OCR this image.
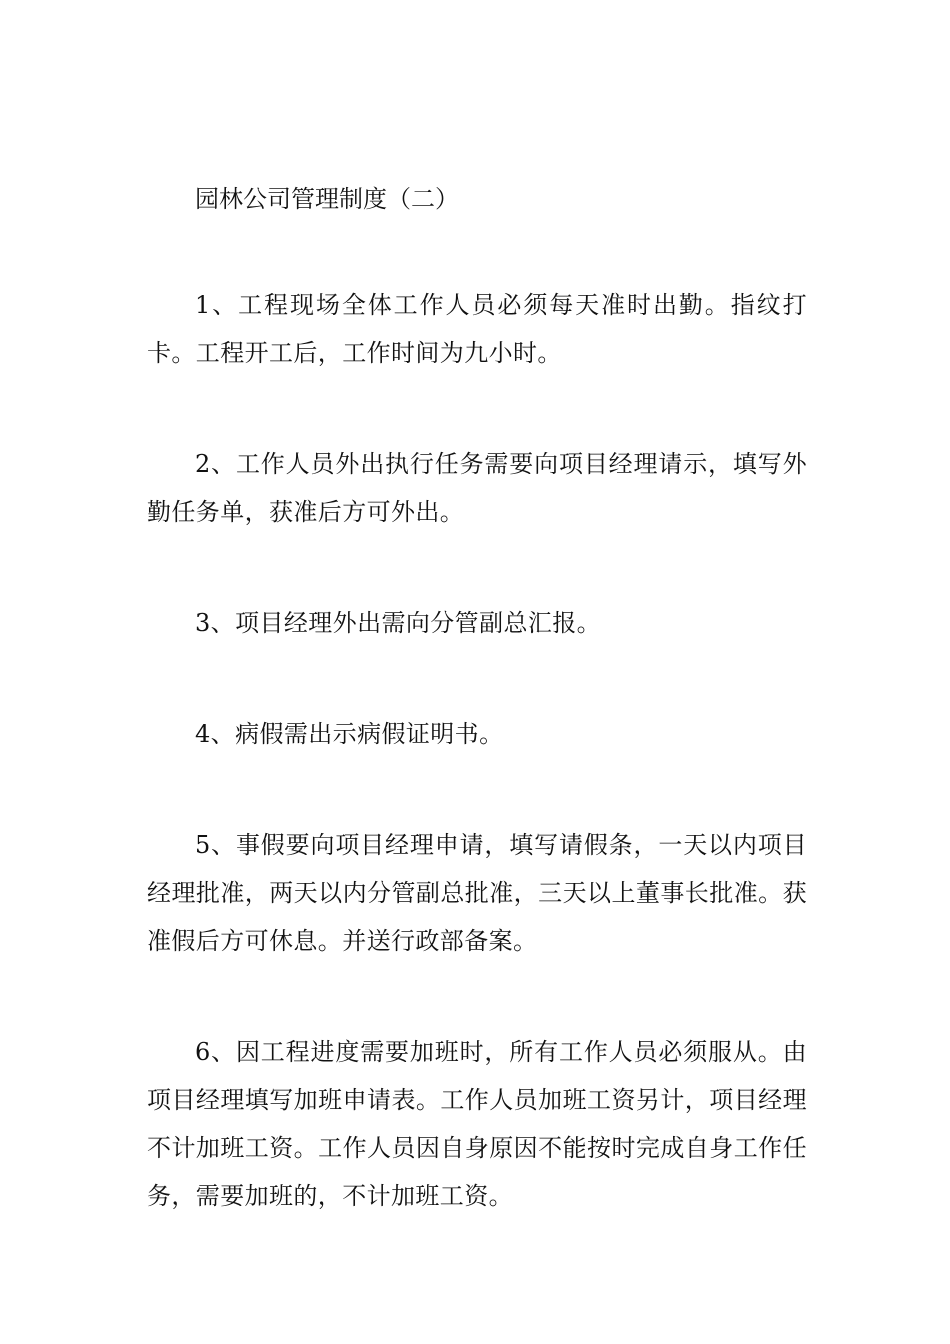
园林公司管理制度（二）

1、工程现场全体工作人员必须每天准时出勤。指纹打卡。工程开工后，工作时间为九小时。

2、工作人员外出执行任务需要向项目经理请示，填写外勤任务单，获准后方可外出。

3、项目经理外出需向分管副总汇报。

4、病假需出示病假证明书。

5、事假要向项目经理申请，填写请假条，一天以内项目经理批准，两天以内分管副总批准，三天以上董事长批准。获准假后方可休息。并送行政部备案。

6、因工程进度需要加班时，所有工作人员必须服从。由项目经理填写加班申请表。工作人员加班工资另计，项目经理不计加班工资。工作人员因自身原因不能按时完成自身工作任务，需要加班的，不计加班工资。
